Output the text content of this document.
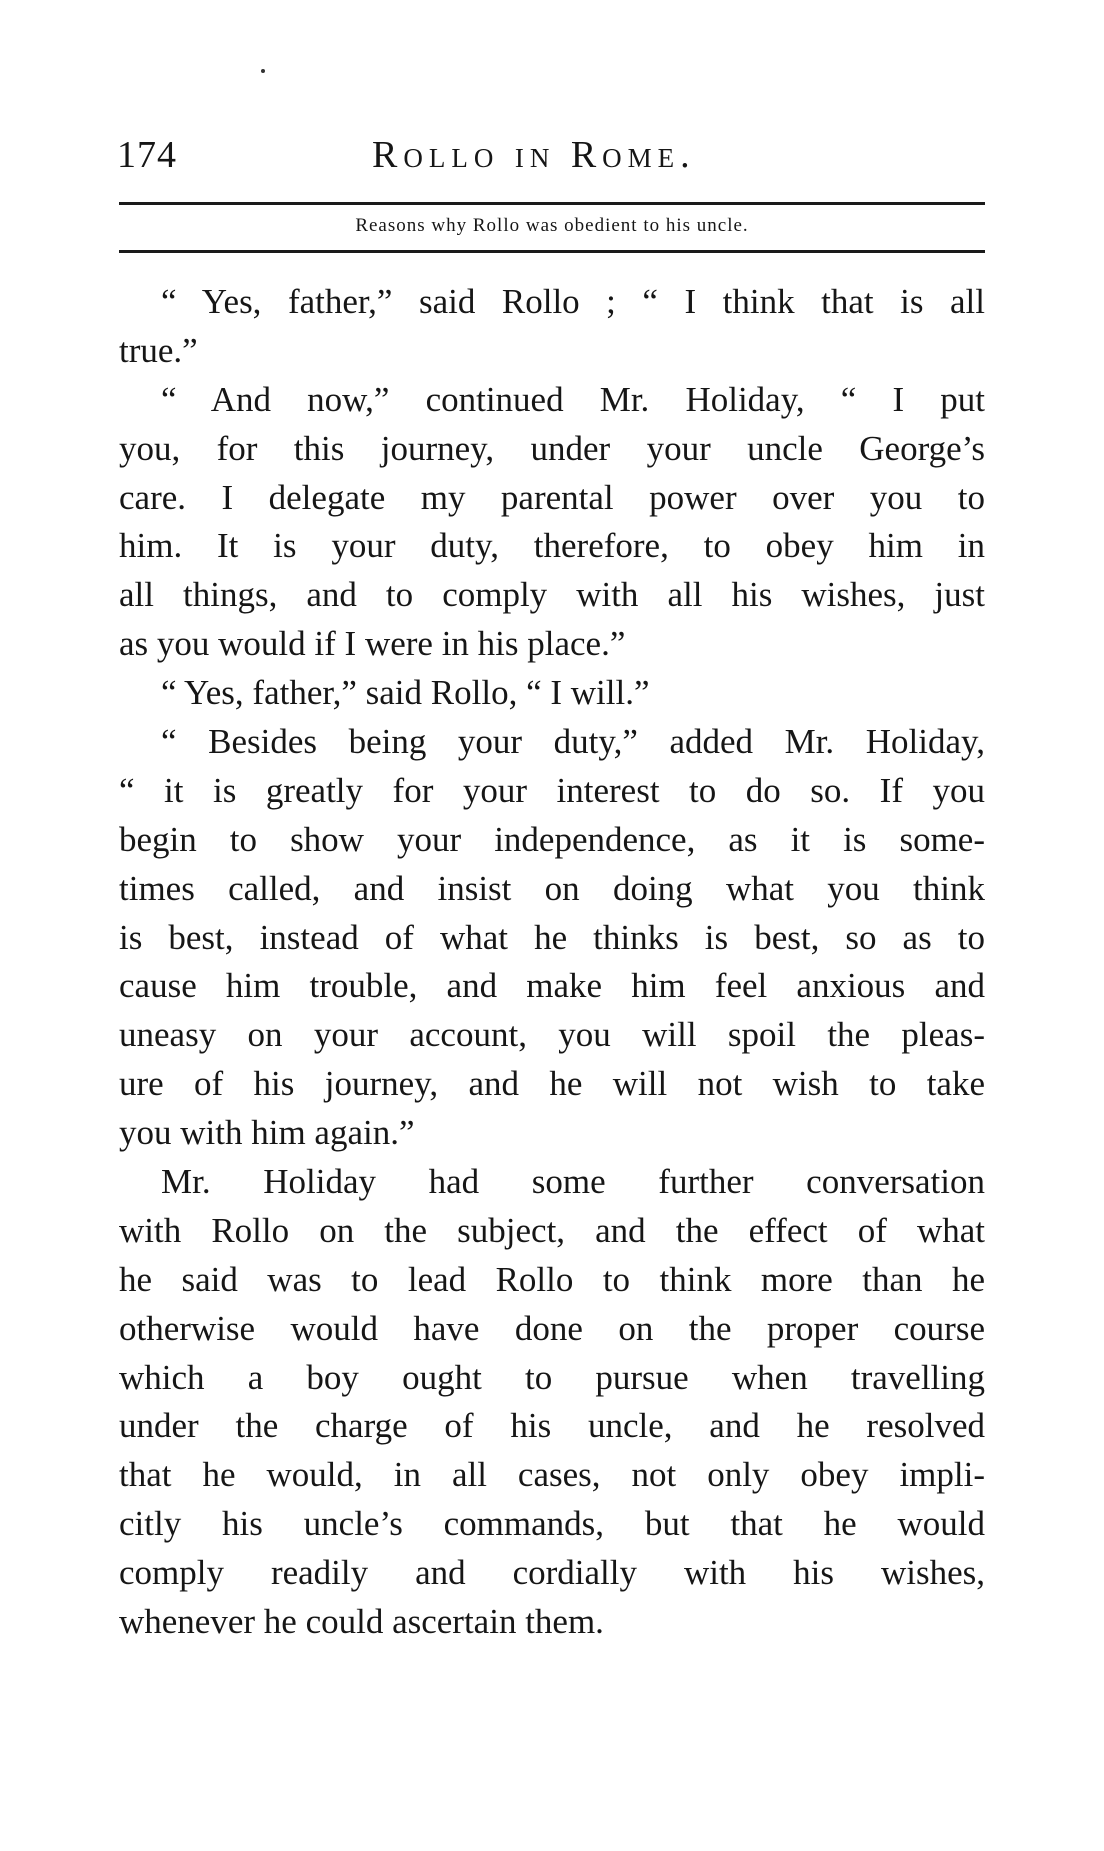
174	Rollo in Rome.
Reasons why Rollo was obedient to his uncle.
“ Yes, father,” said Rollo ; “ I think that is all
true.”
“ And now,” continued Mr. Holiday, “ I put
you, for this journey, under your uncle George’s
care. I delegate my parental power over you to
him. It is your duty, therefore, to obey him in
all things, and to comply with all his wishes, just
as you would if I were in his place.”
“ Yes, father,” said Rollo, “ I will.”
“ Besides being your duty,” added Mr. Holiday,
“ it is greatly for your interest to do so. If you
begin to show your independence, as it is some-
times called, and insist on doing what you think
is best, instead of what he thinks is best, so as to
cause him trouble, and make him feel anxious and
uneasy on your account, you will spoil the pleas-
ure of his journey, and he will not wish to take
you with him again.”
Mr. Holiday had some further conversation
with Rollo on the subject, and the effect of what
he said was to lead Rollo to think more than he
otherwise would have done on the proper course
which a boy ought to pursue when travelling
under the charge of his uncle, and he resolved
that he would, in all cases, not only obey impli-
citly his uncle’s commands, but that he would
comply readily and cordially with his wishes,
whenever he could ascertain them.
